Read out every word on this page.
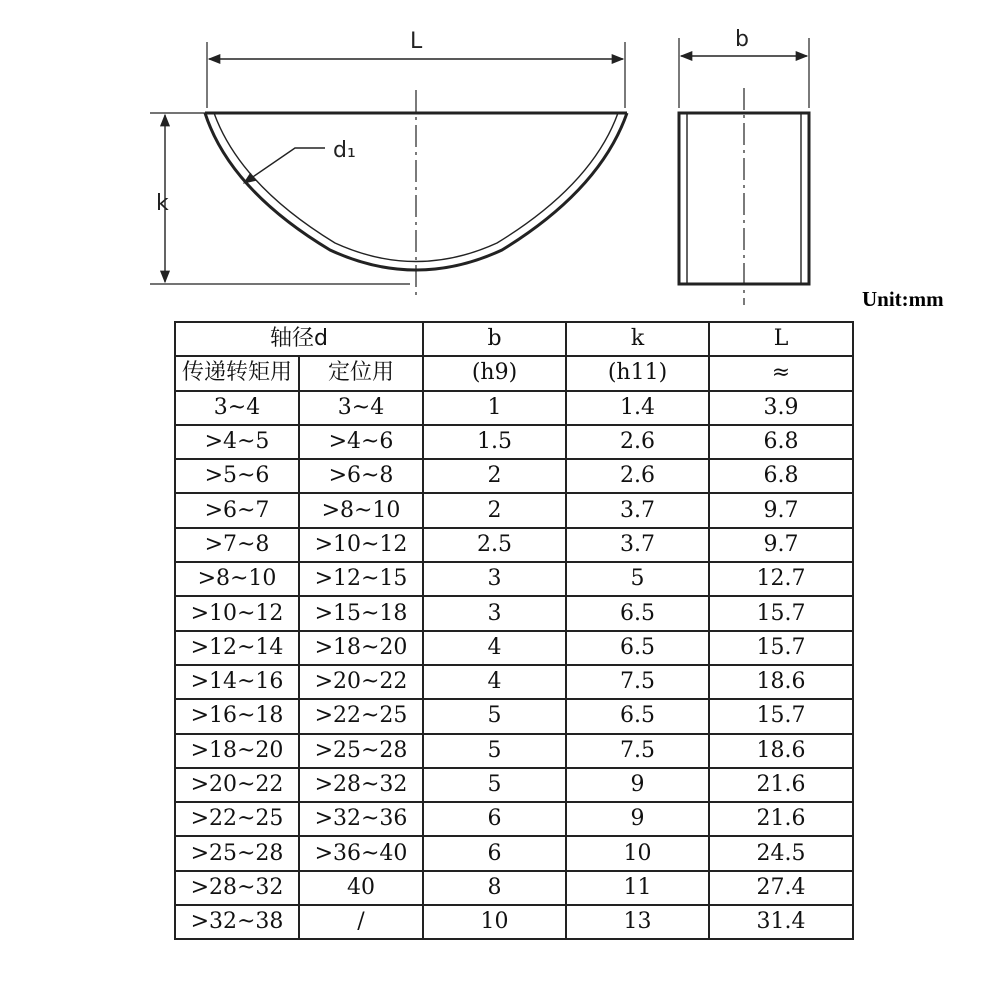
L	b
k
d₁
Unit:mm
轴径d		b	k	L
传递转矩用	定位用	(h9)	(h11)	≈
3~4	3~4	1	1.4	3.9
>4~5	>4~6	1.5	2.6	6.8
>5~6	>6~8	2	2.6	6.8
>6~7	>8~10	2	3.7	9.7
>7~8	>10~12	2.5	3.7	9.7
>8~10	>12~15	3	5	12.7
>10~12	>15~18	3	6.5	15.7
>12~14	>18~20	4	6.5	15.7
>14~16	>20~22	4	7.5	18.6
>16~18	>22~25	5	6.5	15.7
>18~20	>25~28	5	7.5	18.6
>20~22	>28~32	5	9	21.6
>22~25	>32~36	6	9	21.6
>25~28	>36~40	6	10	24.5
>28~32	40	8	11	27.4
>32~38	/	10	13	31.4
